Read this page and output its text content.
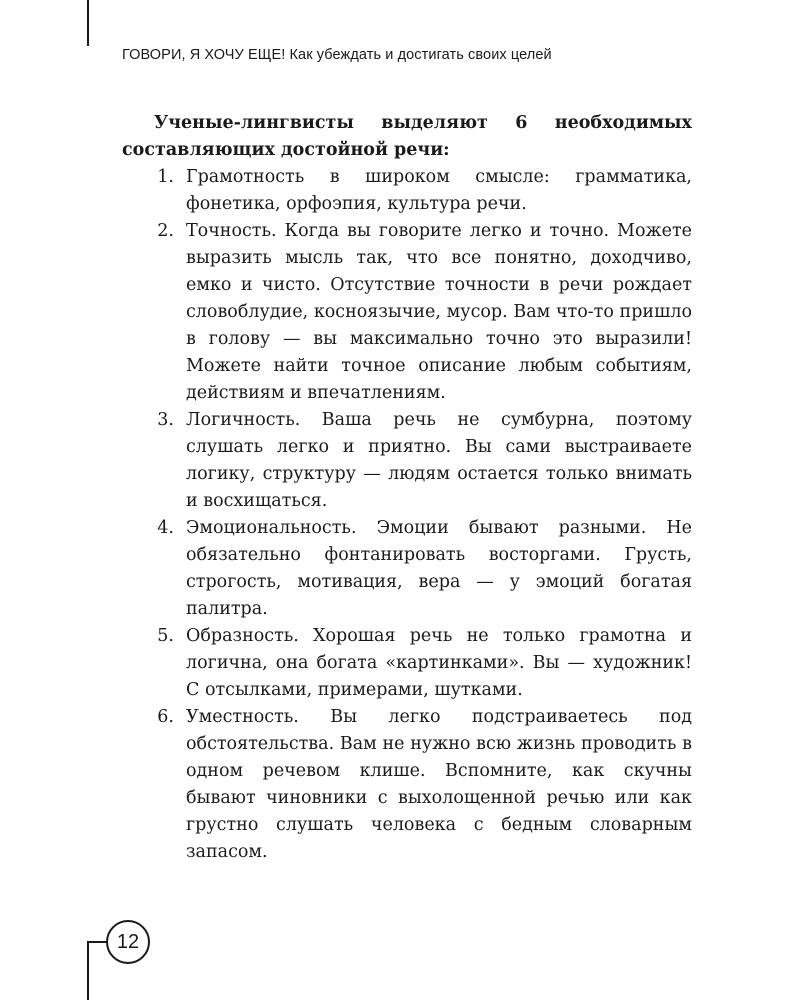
ГОВОРИ, Я ХОЧУ ЕЩЕ! Как убеждать и достигать своих целей

Ученые-лингвисты выделяют 6 необходимых составляющих достойной речи:

1. Грамотность в широком смысле: грамматика, фонетика, орфоэпия, культура речи.
2. Точность. Когда вы говорите легко и точно. Можете выразить мысль так, что все понятно, доходчиво, емко и чисто. Отсутствие точности в речи рождает словоблудие, косноязычие, мусор. Вам что-то пришло в голову — вы максимально точно это выразили! Можете найти точное описание любым событиям, действиям и впечатлениям.
3. Логичность. Ваша речь не сумбурна, поэтому слушать легко и приятно. Вы сами выстраиваете логику, структуру — людям остается только внимать и восхищаться.
4. Эмоциональность. Эмоции бывают разными. Не обязательно фонтанировать восторгами. Грусть, строгость, мотивация, вера — у эмоций богатая палитра.
5. Образность. Хорошая речь не только грамотна и логична, она богата «картинками». Вы — художник! С отсылками, примерами, шутками.
6. Уместность. Вы легко подстраиваетесь под обстоятельства. Вам не нужно всю жизнь проводить в одном речевом клише. Вспомните, как скучны бывают чиновники с выхолощенной речью или как грустно слушать человека с бедным словарным запасом.
12
